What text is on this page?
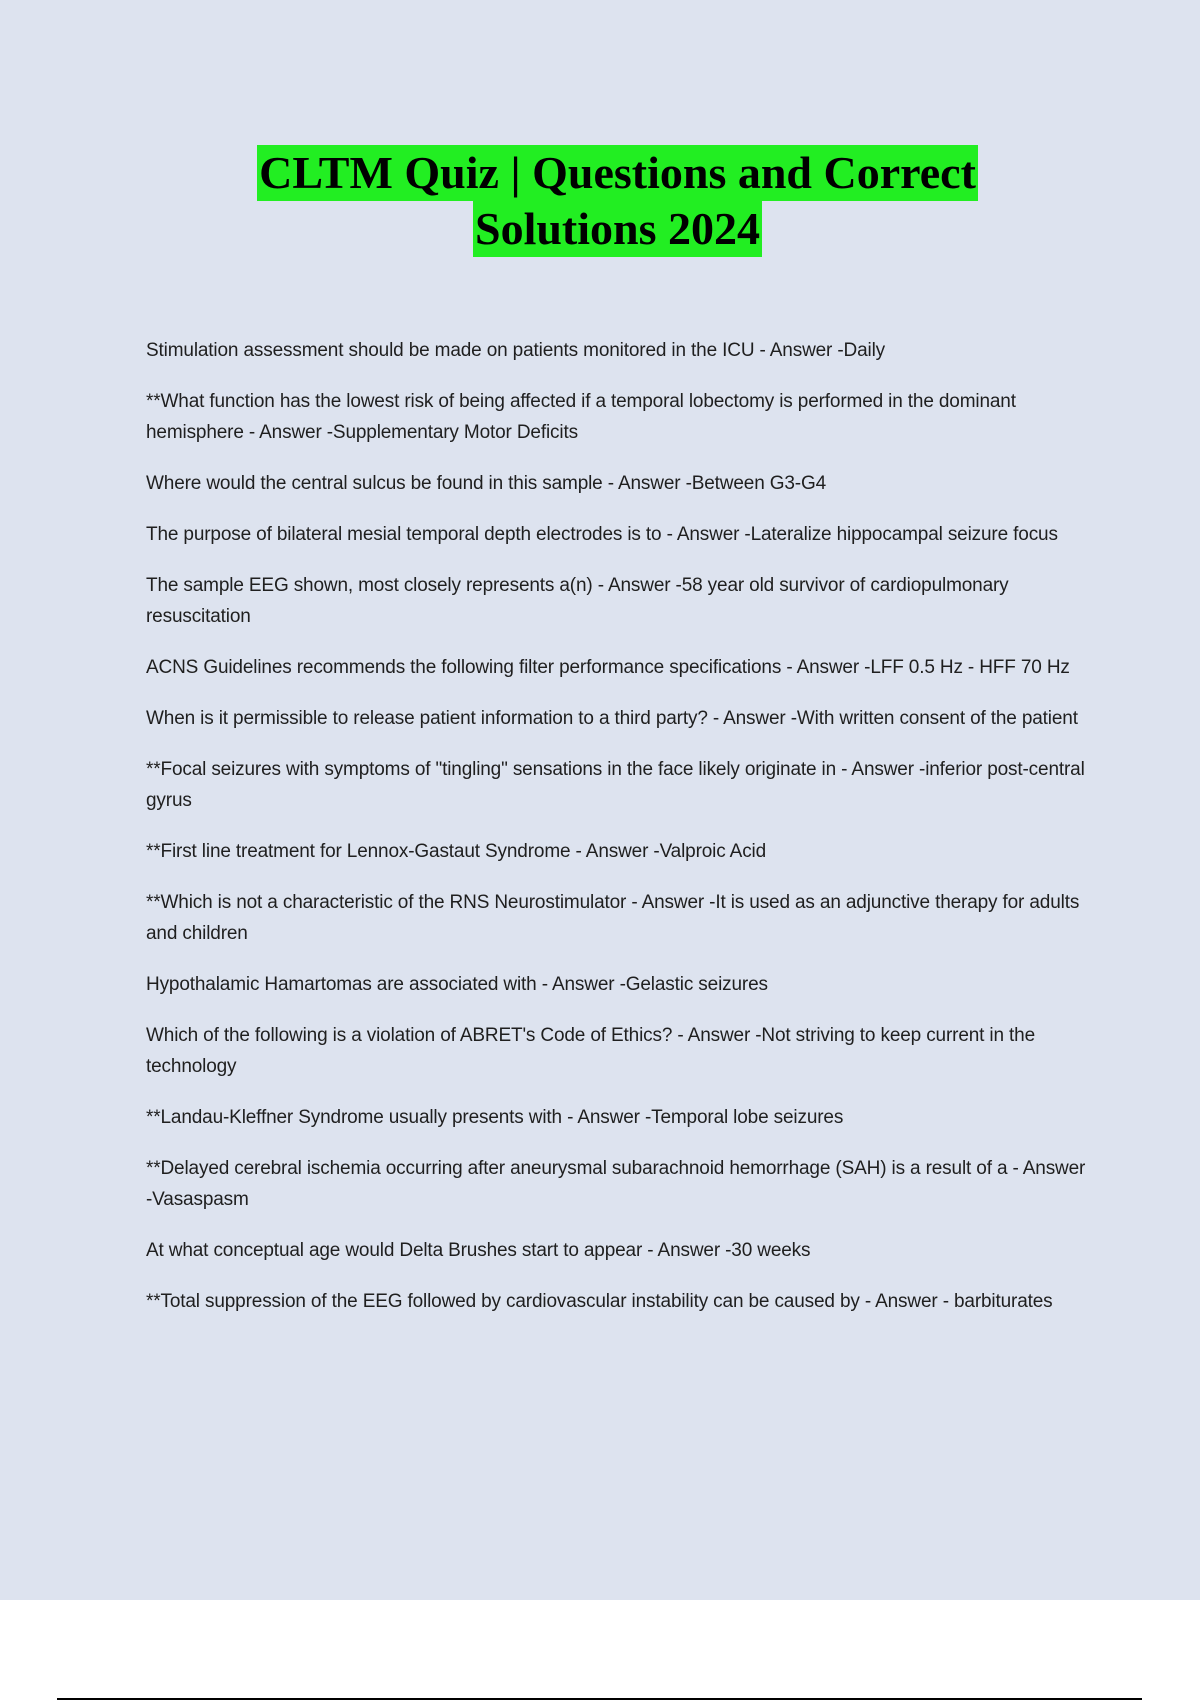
CLTM Quiz | Questions and Correct
Solutions 2024
Stimulation assessment should be made on patients monitored in the ICU - Answer -Daily
**What function has the lowest risk of being affected if a temporal lobectomy is performed in the dominant hemisphere - Answer -Supplementary Motor Deficits
Where would the central sulcus be found in this sample - Answer -Between G3-G4
The purpose of bilateral mesial temporal depth electrodes is to - Answer -Lateralize hippocampal seizure focus
The sample EEG shown, most closely represents a(n) - Answer -58 year old survivor of cardiopulmonary resuscitation
ACNS Guidelines recommends the following filter performance specifications - Answer -LFF 0.5 Hz - HFF 70 Hz
When is it permissible to release patient information to a third party? - Answer -With written consent of the patient
**Focal seizures with symptoms of "tingling" sensations in the face likely originate in - Answer -inferior post-central gyrus
**First line treatment for Lennox-Gastaut Syndrome - Answer -Valproic Acid
**Which is not a characteristic of the RNS Neurostimulator - Answer -It is used as an adjunctive therapy for adults and children
Hypothalamic Hamartomas are associated with - Answer -Gelastic seizures
Which of the following is a violation of ABRET's Code of Ethics? - Answer -Not striving to keep current in the technology
**Landau-Kleffner Syndrome usually presents with - Answer -Temporal lobe seizures
**Delayed cerebral ischemia occurring after aneurysmal subarachnoid hemorrhage (SAH) is a result of a - Answer -Vasaspasm
At what conceptual age would Delta Brushes start to appear - Answer -30 weeks
**Total suppression of the EEG followed by cardiovascular instability can be caused by - Answer - barbiturates
